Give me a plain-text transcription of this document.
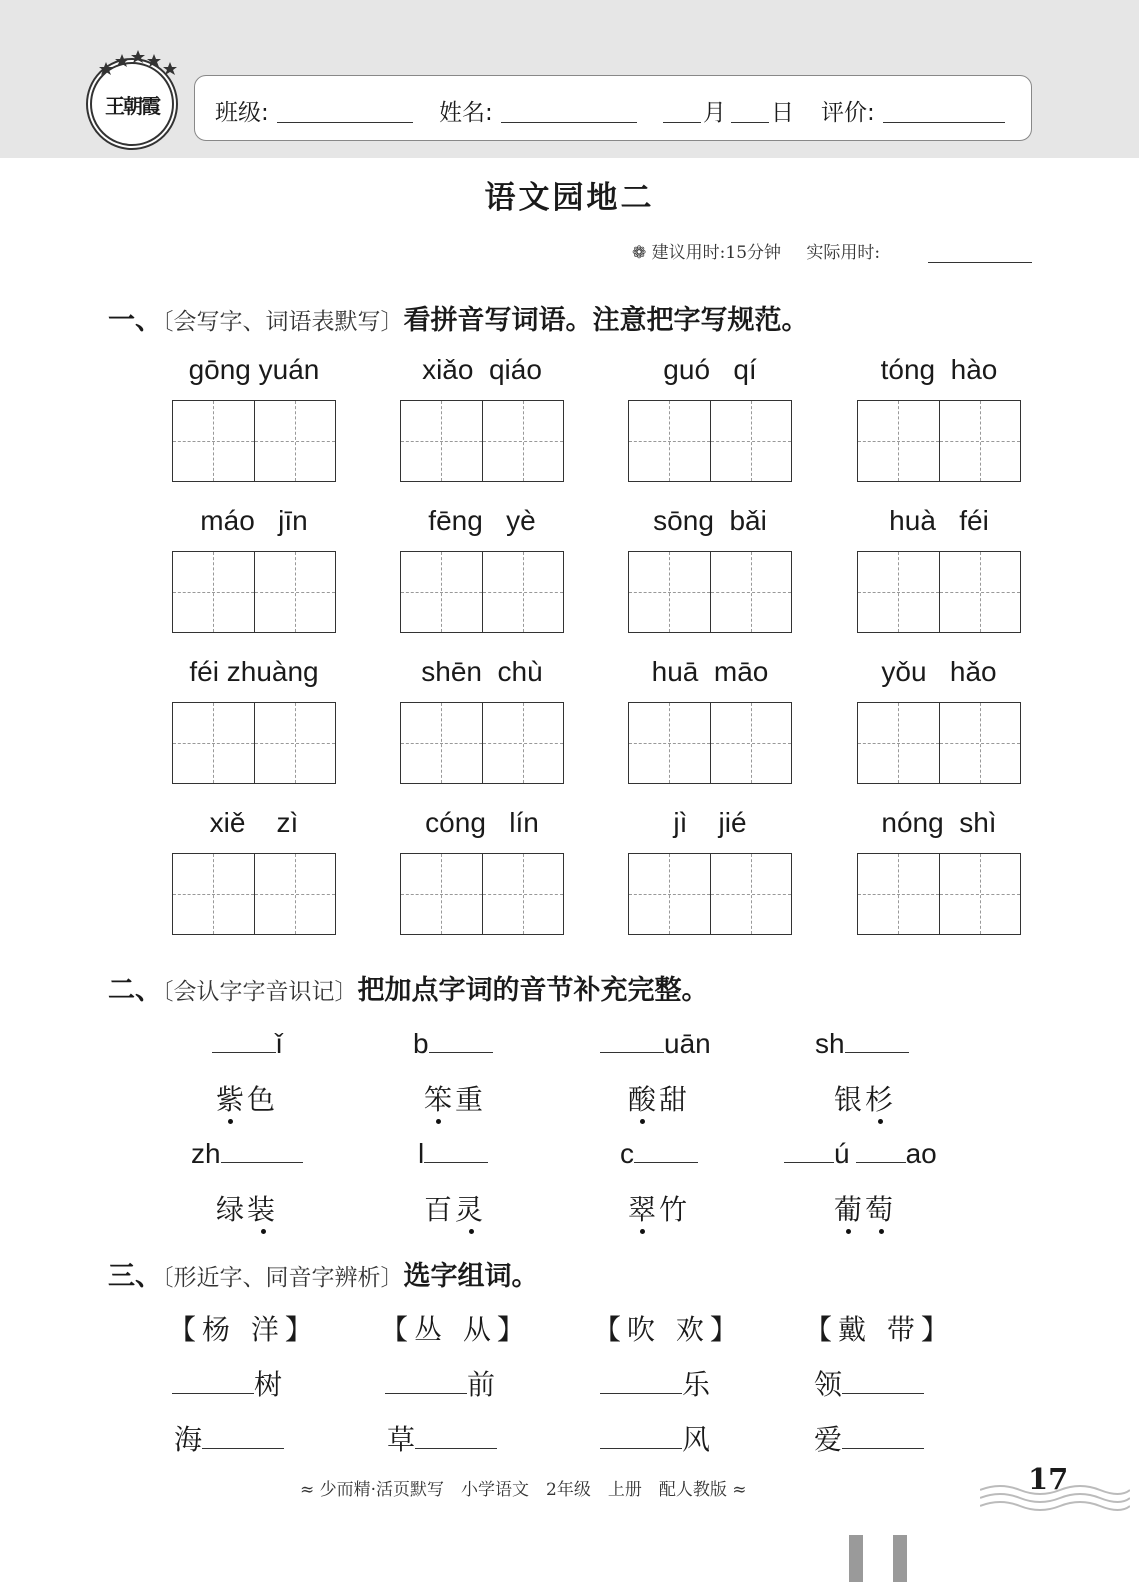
王朝霞 班级:	姓名:	月 日 评价:
语文园地二
❁ 建议用时:15分钟 实际用时:
一、〔会写字、词语表默写〕看拼音写词语。注意把字写规范。
gōng yuán	xiǎo  qiáo	guó   qí	tóng  hào
máo   jīn	fēng   yè	sōng  bǎi	huà   féi
féi zhuàng	shēn  chù	huā  māo	yǒu   hǎo
xiě    zì	cóng   lín	jì    jié	nóng  shì
二、〔会认字字音识记〕把加点字词的音节补充完整。
ǐ	b	uān	sh
紫色	笨重	酸甜	银杉
zh	l	c	ú ao
绿装	百灵	翠竹	葡萄
三、〔形近字、同音字辨析〕选字组词。
【杨 洋】 【丛 从】 【吹 欢】 【戴 带】
树	前	乐	领
海	草	风	爱
≈ 少而精·活页默写　小学语文　2年级　上册　配人教版 ≈	17
